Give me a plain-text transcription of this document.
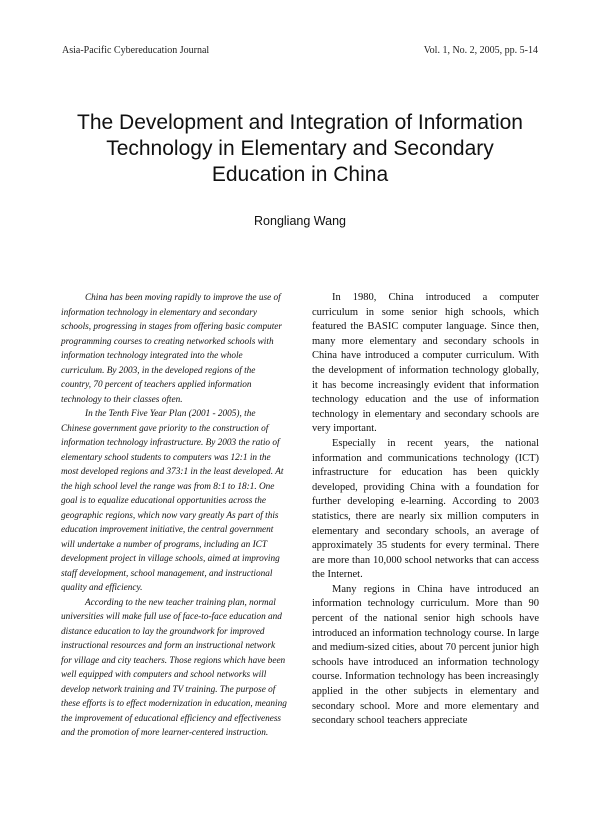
Asia-Pacific Cybereducation Journal	Vol. 1, No. 2, 2005, pp. 5-14
The Development and Integration of Information
Technology in Elementary and Secondary
Education in China
Rongliang Wang

China has been moving rapidly to improve the use of information technology in elementary and secondary schools, progressing in stages from offering basic computer programming courses to creating networked schools with information technology integrated into the whole curriculum. By 2003, in the developed regions of the country, 70 percent of teachers applied information technology to their classes often.

In the Tenth Five Year Plan (2001 - 2005), the Chinese government gave priority to the construction of information technology infrastructure. By 2003 the ratio of elementary school students to computers was 12:1 in the most developed regions and 373:1 in the least developed. At the high school level the range was from 8:1 to 18:1. One goal is to equalize educational opportunities across the geographic regions, which now vary greatly As part of this education improvement initiative, the central government will undertake a number of programs, including an ICT development project in village schools, aimed at improving staff development, school management, and instructional quality and efficiency.

According to the new teacher training plan, normal universities will make full use of face-to-face education and distance education to lay the groundwork for improved instructional resources and form an instructional network for village and city teachers. Those regions which have been well equipped with computers and school networks will develop network training and TV training. The purpose of these efforts is to effect modernization in education, meaning the improvement of educational efficiency and effectiveness and the promotion of more learner-centered instruction.

In 1980, China introduced a computer curriculum in some senior high schools, which featured the BASIC computer language. Since then, many more elementary and secondary schools in China have introduced a computer curriculum. With the development of information technology globally, it has become increasingly evident that information technology education and the use of information technology in elementary and secondary schools are very important.

Especially in recent years, the national information and communications technology (ICT) infrastructure for education has been quickly developed, providing China with a foundation for further developing e-learning. According to 2003 statistics, there are nearly six million computers in elementary and secondary schools, an average of approximately 35 students for every terminal. There are more than 10,000 school networks that can access the Internet.

Many regions in China have introduced an information technology curriculum. More than 90 percent of the national senior high schools have introduced an information technology course. In large and medium-sized cities, about 70 percent junior high schools have introduced an information technology course. Information technology has been increasingly applied in the other subjects in elementary and secondary school. More and more elementary and secondary school teachers appreciate
